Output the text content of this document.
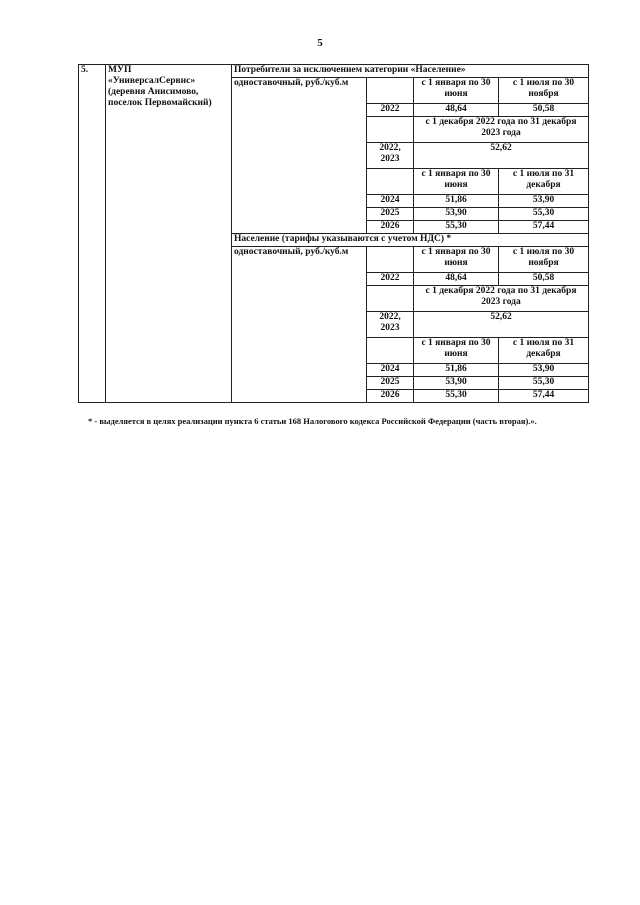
5
5.	МУП
«УниверсалСервис»
(деревня Анисимово,
поселок Первомайский)	Потребители за исключением категории «Население»			
		одноставочный, руб./куб.м		с 1 января по 30 июня	с 1 июля по 30 ноября
			2022	48,64	50,58
				с 1 декабря 2022 года по 31 декабря 2023 года	
			2022, 2023	52,62	
				с 1 января по 30 июня	с 1 июля по 31 декабря
			2024	51,86	53,90
			2025	53,90	55,30
			2026	55,30	57,44
		Население (тарифы указываются с учетом НДС) *			
		одноставочный, руб./куб.м		с 1 января по 30 июня	с 1 июля по 30 ноября
			2022	48,64	50,58
				с 1 декабря 2022 года по 31 декабря 2023 года	
			2022, 2023	52,62	
				с 1 января по 30 июня	с 1 июля по 31 декабря
			2024	51,86	53,90
			2025	53,90	55,30
			2026	55,30	57,44
* - выделяется в целях реализации пункта 6 статьи 168 Налогового кодекса Российской Федерации (часть вторая).».
